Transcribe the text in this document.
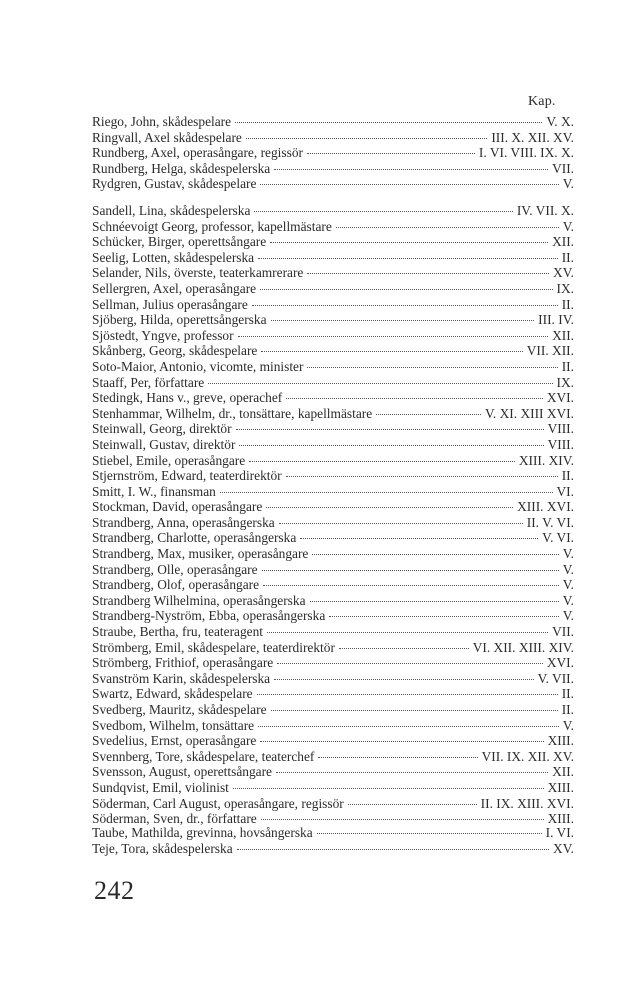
Kap.
Riego, John, skådespelare	V. X.
Ringvall, Axel skådespelare	III. X. XII. XV.
Rundberg, Axel, operasångare, regissör	I. VI. VIII. IX. X.
Rundberg, Helga, skådespelerska	VII.
Rydgren, Gustav, skådespelare	V.
Sandell, Lina, skådespelerska	IV. VII. X.
Schnéevoigt Georg, professor, kapellmästare	V.
Schücker, Birger, operettsångare	XII.
Seelig, Lotten, skådespelerska	II.
Selander, Nils, överste, teaterkamrerare	XV.
Sellergren, Axel, operasångare	IX.
Sellman, Julius operasångare	II.
Sjöberg, Hilda, operettsångerska	III. IV.
Sjöstedt, Yngve, professor	XII.
Skånberg, Georg, skådespelare	VII. XII.
Soto-Maior, Antonio, vicomte, minister	II.
Staaff, Per, författare	IX.
Stedingk, Hans v., greve, operachef	XVI.
Stenhammar, Wilhelm, dr., tonsättare, kapellmästare	V. XI. XIII XVI.
Steinwall, Georg, direktör	VIII.
Steinwall, Gustav, direktör	VIII.
Stiebel, Emile, operasångare	XIII. XIV.
Stjernström, Edward, teaterdirektör	II.
Smitt, I. W., finansman	VI.
Stockman, David, operasångare	XIII. XVI.
Strandberg, Anna, operasångerska	II. V. VI.
Strandberg, Charlotte, operasångerska	V. VI.
Strandberg, Max, musiker, operasångare	V.
Strandberg, Olle, operasångare	V.
Strandberg, Olof, operasångare	V.
Strandberg Wilhelmina, operasångerska	V.
Strandberg-Nyström, Ebba, operasångerska	V.
Straube, Bertha, fru, teateragent	VII.
Strömberg, Emil, skådespelare, teaterdirektör	VI. XII. XIII. XIV.
Strömberg, Frithiof, operasångare	XVI.
Svanström Karin, skådespelerska	V. VII.
Swartz, Edward, skådespelare	II.
Svedberg, Mauritz, skådespelare	II.
Svedbom, Wilhelm, tonsättare	V.
Svedelius, Ernst, operasångare	XIII.
Svennberg, Tore, skådespelare, teaterchef	VII. IX. XII. XV.
Svensson, August, operettsångare	XII.
Sundqvist, Emil, violinist	XIII.
Söderman, Carl August, operasångare, regissör	II. IX. XIII. XVI.
Söderman, Sven, dr., författare	XIII.
Taube, Mathilda, grevinna, hovsångerska	I. VI.
Teje, Tora, skådespelerska	XV.
242
